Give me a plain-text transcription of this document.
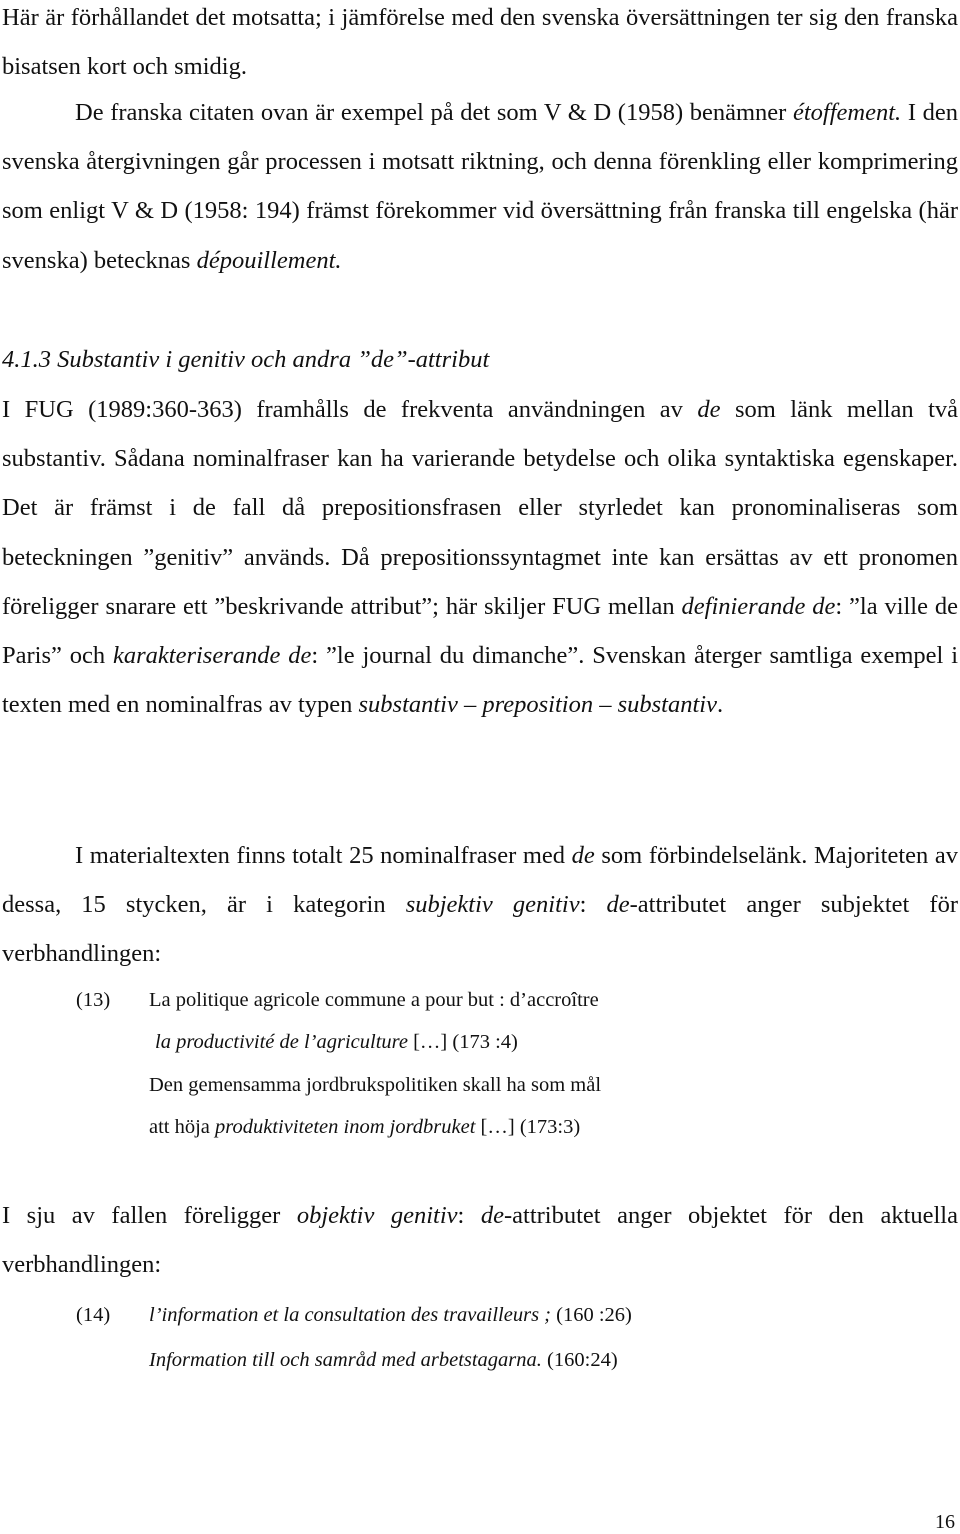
Här är förhållandet det motsatta; i jämförelse med den svenska översättningen ter sig den franska bisatsen kort och smidig.

De franska citaten ovan är exempel på det som V & D (1958) benämner étoffement. I den svenska återgivningen går processen i motsatt riktning, och denna förenkling eller komprimering som enligt V & D (1958: 194) främst förekommer vid översättning från franska till engelska (här svenska) betecknas dépouillement.

4.1.3 Substantiv i genitiv och andra ”de”-attribut

I FUG (1989:360-363) framhålls de frekventa användningen av de som länk mellan två substantiv. Sådana nominalfraser kan ha varierande betydelse och olika syntaktiska egenskaper. Det är främst i de fall då prepositionsfrasen eller styrledet kan pronominaliseras som beteckningen ”genitiv” används. Då prepositionssyntagmet inte kan ersättas av ett pronomen föreligger snarare ett ”beskrivande attribut”; här skiljer FUG mellan definierande de: ”la ville de Paris” och karakteriserande de: ”le journal du dimanche”. Svenskan återger samtliga exempel i texten med en nominalfras av typen substantiv – preposition – substantiv.

I materialtexten finns totalt 25 nominalfraser med de som förbindelselänk. Majoriteten av dessa, 15 stycken, är i kategorin subjektiv genitiv: de-attributet anger subjektet för verbhandlingen:

(13) La politique agricole commune a pour but : d’accroître

la productivité de l’agriculture […] (173 :4)

Den gemensamma jordbrukspolitiken skall ha som mål

att höja produktiviteten inom jordbruket […] (173:3)

I sju av fallen föreligger objektiv genitiv: de-attributet anger objektet för den aktuella verbhandlingen:

(14) l’information et la consultation des travailleurs ; (160 :26)

Information till och samråd med arbetstagarna. (160:24)

16
